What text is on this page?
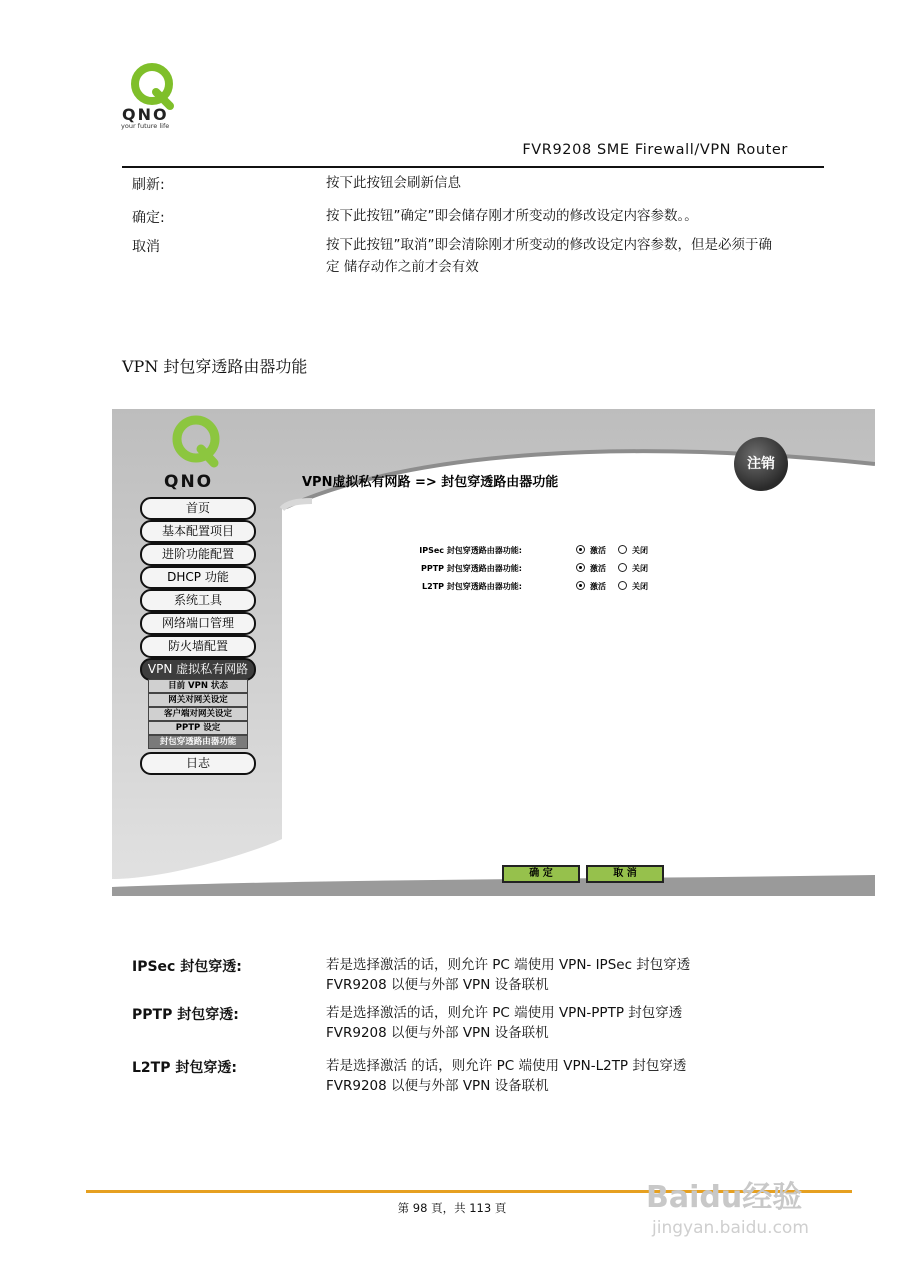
QNO
your future life
FVR9208 SME Firewall/VPN Router
刷新:	按下此按钮会刷新信息
确定:	按下此按钮”确定”即会储存刚才所变动的修改设定内容参数。。
取消	按下此按钮”取消”即会清除刚才所变动的修改设定内容参数，但是必须于确定 储存动作之前才会有效
VPN 封包穿透路由器功能
QNO
注销
VPN虚拟私有网路 => 封包穿透路由器功能
首页
基本配置项目
进阶功能配置
DHCP 功能
系统工具
网络端口管理
防火墙配置
VPN 虚拟私有网路
目前 VPN 状态
网关对网关设定
客户端对网关设定
PPTP 设定
封包穿透路由器功能
日志
IPSec 封包穿透路由器功能:	激活	关闭
PPTP 封包穿透路由器功能:	激活	关闭
L2TP 封包穿透路由器功能:	激活	关闭
确 定	取 消
IPSec 封包穿透:	若是选择激活的话，则允许 PC 端使用 VPN- IPSec 封包穿透
FVR9208 以便与外部 VPN 设备联机
PPTP 封包穿透:	若是选择激活的话，则允许 PC 端使用 VPN-PPTP 封包穿透
FVR9208 以便与外部 VPN 设备联机
L2TP 封包穿透:	若是选择激活 的话，则允许 PC 端使用 VPN-L2TP 封包穿透
FVR9208 以便与外部 VPN 设备联机
Baidu经验
jingyan.baidu.com
第 98 頁，共 113 頁
